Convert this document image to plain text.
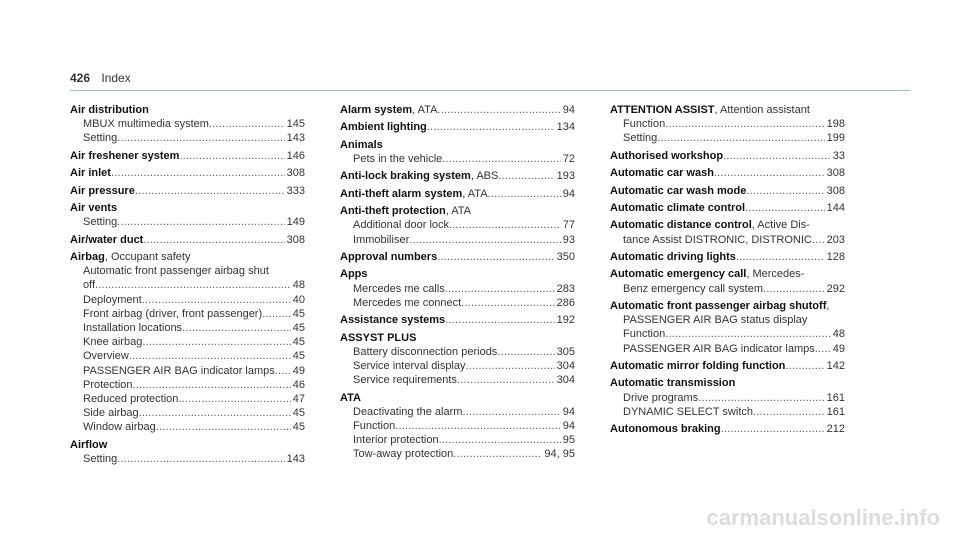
426 Index
Air distribution
MBUX multimedia system .....	145
Setting .....	143
Air freshener system .....	146
Air inlet .....	308
Air pressure .....	333
Air vents
Setting .....	149
Air/water duct .....	308
Airbag , Occupant safety
Automatic front passenger airbag shut
off .....	48
Deployment .....	40
Front airbag (driver, front passenger) .....	45
Installation locations .....	45
Knee airbag .....	45
Overview .....	45
PASSENGER AIR BAG indicator lamps ..... 49
Protection .....	46
Reduced protection .....	47
Side airbag .....	45
Window airbag .....	45
Airflow
Setting .....	143
Alarm system , ATA .....	94
Ambient lighting .....	134
Animals
Pets in the vehicle .....	72
Anti-lock braking system , ABS .....	193
Anti-theft alarm system , ATA .....	94
Anti-theft protection , ATA
Additional door lock .....	77
Immobiliser .....	93
Approval numbers .....	350
Apps
Mercedes me calls .....	283
Mercedes me connect .....	286
Assistance systems .....	192
ASSYST PLUS
Battery disconnection periods .....	305
Service interval display .....	304
Service requirements .....	304
ATA
Deactivating the alarm .....	94
Function .....	94
Interior protection .....	95
Tow-away protection .....	94, 95
ATTENTION ASSIST , Attention assistant
Function .....	198
Setting .....	199
Authorised workshop .....	33
Automatic car wash .....	308
Automatic car wash mode .....	308
Automatic climate control .....	144
Automatic distance control , Active Dis-
tance Assist DISTRONIC, DISTRONIC ..... 203
Automatic driving lights .....	128
Automatic emergency call , Mercedes-
Benz emergency call system .....	292
Automatic front passenger airbag shutoff ,
PASSENGER AIR BAG status display
Function .....	48
PASSENGER AIR BAG indicator lamps ..... 49
Automatic mirror folding function .....	142
Automatic transmission
Drive programs .....	161
DYNAMIC SELECT switch .....	161
Autonomous braking .....	212
carmanualsonline.info
